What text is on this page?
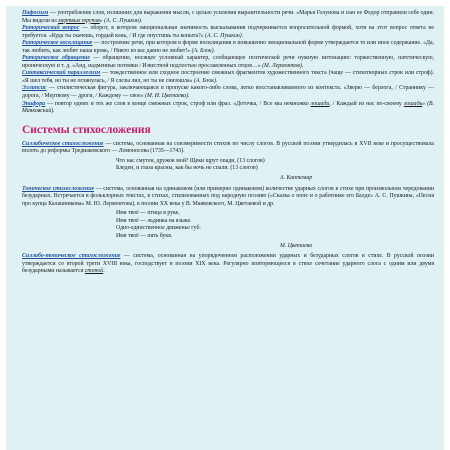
Пафосизм — употребление слов, излишних для выражения мысли, с целью усиления выразительности речи. «Марья Голунова и сын ее Федор отправили себе один. Мы видели из мертвых трупов» (А. С. Пушкин).

Риторический вопрос — оборот, в котором эмоциональная значимость высказывания подчеркивается вопросительной формой, хотя на этот вопрос ответа не требуется. «Куда ты скачешь, гордый конь, / И где опустишь ты копыта?» (А. С. Пушкин).

Риторическое восклицание — построение речи, при котором в форме восклицания в повышенно эмоциональной форме утверждается то или иное содержание. «Да, так любить, как любит наша кровь, / Никто из вас давно не любит!» (А. Блок).

Риторическое обращение — обращение, носящее условный характер, сообщающее поэтической речи нужную интонацию: торжественную, патетическую, ироническую и т. д. «Анд, надменные потомки / Известной подлостью прославленных отцов…» (М. Лермонтов).

Синтаксический параллелизм — тождественное или сходное построение смежных фрагментов художественного текста (чаще — стихотворных строк или строф). «Я шел тебя, но ты не оглянулась, / Я слезы лил, но ты не снизошла» (А. Блок).

Эллипсис — стилистическая фигура, заключающаяся в пропуске какого-либо слова, легко восстанавливаемого из контекста. «Зверю — берлога, / Страннику — дорога, / Мертвому — дроги, / Каждому — свое» (М. И. Цветаева).

Эпифора — повтор одних и тех же слов в конце смежных строк, строф или фраз. «Деточка, / Все мы немножко лошади, / Каждый из нас по-своему лошадь» (В. Маяковский).

Системы стихосложения

Силлабическое стихосложение — система, основанная на соизмеримости стихов по числу слогов. В русской поэзии утвердилась в XVII веке и просуществовала вплоть до реформы Тредиаковского — Ломоносова (1735—1743).

Что нас смутен, дружок мой? Щеки щрут опади, (13 слогов)
Бледен, и глаза красны, как бы ночь не спали. (13 слогов)
А. Кантемир

Тоническое стихосложение — система, основанная на одинаковом (или примерно одинаковом) количестве ударных слогов в стихе при произвольном чередовании безударных. Встречается в фольклорных текстах, в стихах, стилизованных под народную поэзию («Сказка о попе и о работнике его Балде» А. С. Пушкина, «Песня про купца Калашникова» М. Ю. Лермонтова), в поэзии XX века у В. Маяковского, М. Цветаевой и др.

Имя твоё — птица в руке,
Имя твоё — льдинка на языке.
Одно-единственное движенье губ.
Имя твоё — пять букв.
М. Цветаева

Силлабо-тоническое стихосложение — система, основанная на упорядоченном расположении ударных и безударных слогов в стихе. В русской поэзии утверждается со второй трети XVIII века, господствует в поэзии XIX века. Регулярно повторяющееся в стихе сочетание ударного слога с одним или двумя безударными называется стопой.
